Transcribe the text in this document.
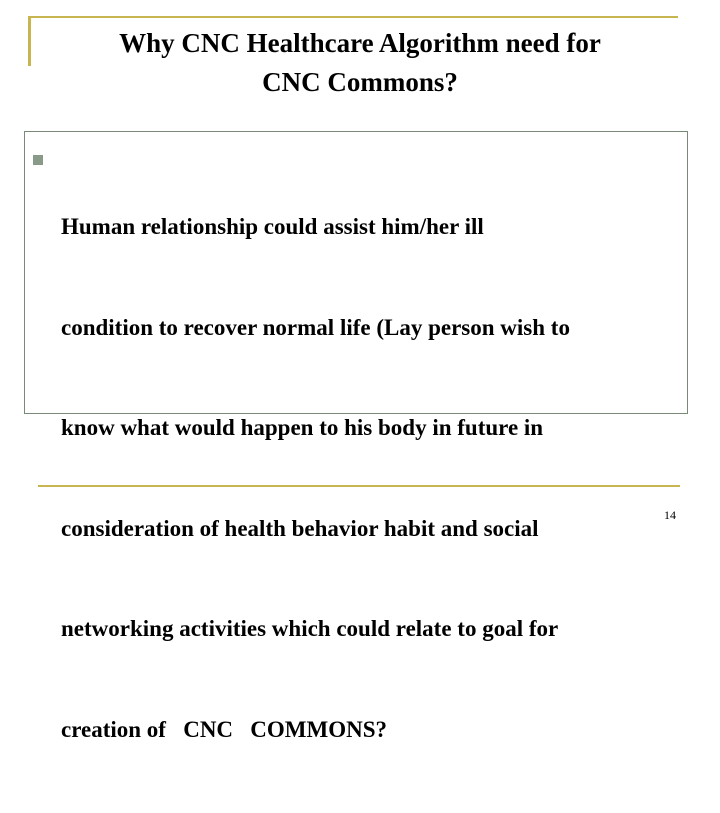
Why CNC Healthcare Algorithm need for
CNC Commons?

Human relationship could assist him/her ill

condition to recover normal life (Lay person wish to

know what would happen to his body in future in

consideration of health behavior habit and social

networking activities which could relate to goal for

creation of   CNC   COMMONS?

14
